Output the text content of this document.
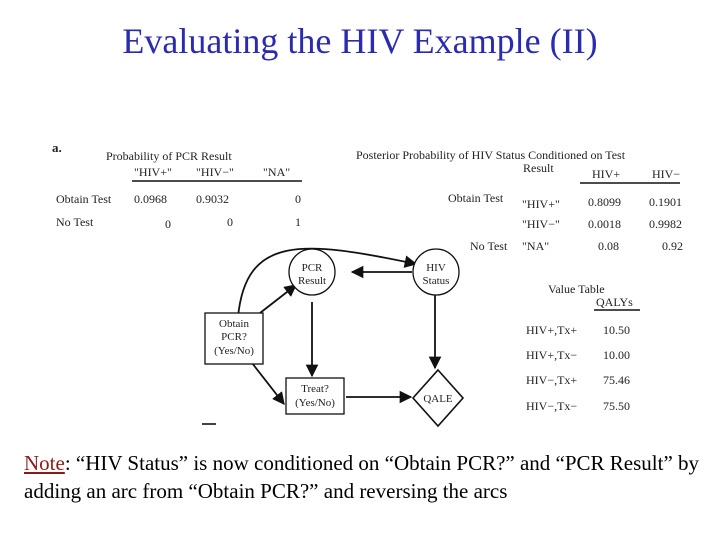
Evaluating the HIV Example (II)
a.
Probability of PCR Result
"HIV+" "HIV−" "NA"
Obtain Test 0.0968 0.9032	0
No Test	0	0	1
Posterior Probability of HIV Status Conditioned on Test
Result	HIV+	HIV−
Obtain Test "HIV+" 0.8099 0.1901
"HIV−" 0.0018 0.9982
No Test "NA"	0.08	0.92
Value Table
QALYs
HIV+,Tx+ 10.50
HIV+,Tx− 10.00
HIV−,Tx+ 75.46
HIV−,Tx− 75.50
PCR
Result
HIV
Status
Obtain
PCR?
(Yes/No)
Treat?
(Yes/No)	QALE
Note: “HIV Status” is now conditioned on “Obtain PCR?” and “PCR Result” by adding an arc from “Obtain PCR?” and reversing the arcs
